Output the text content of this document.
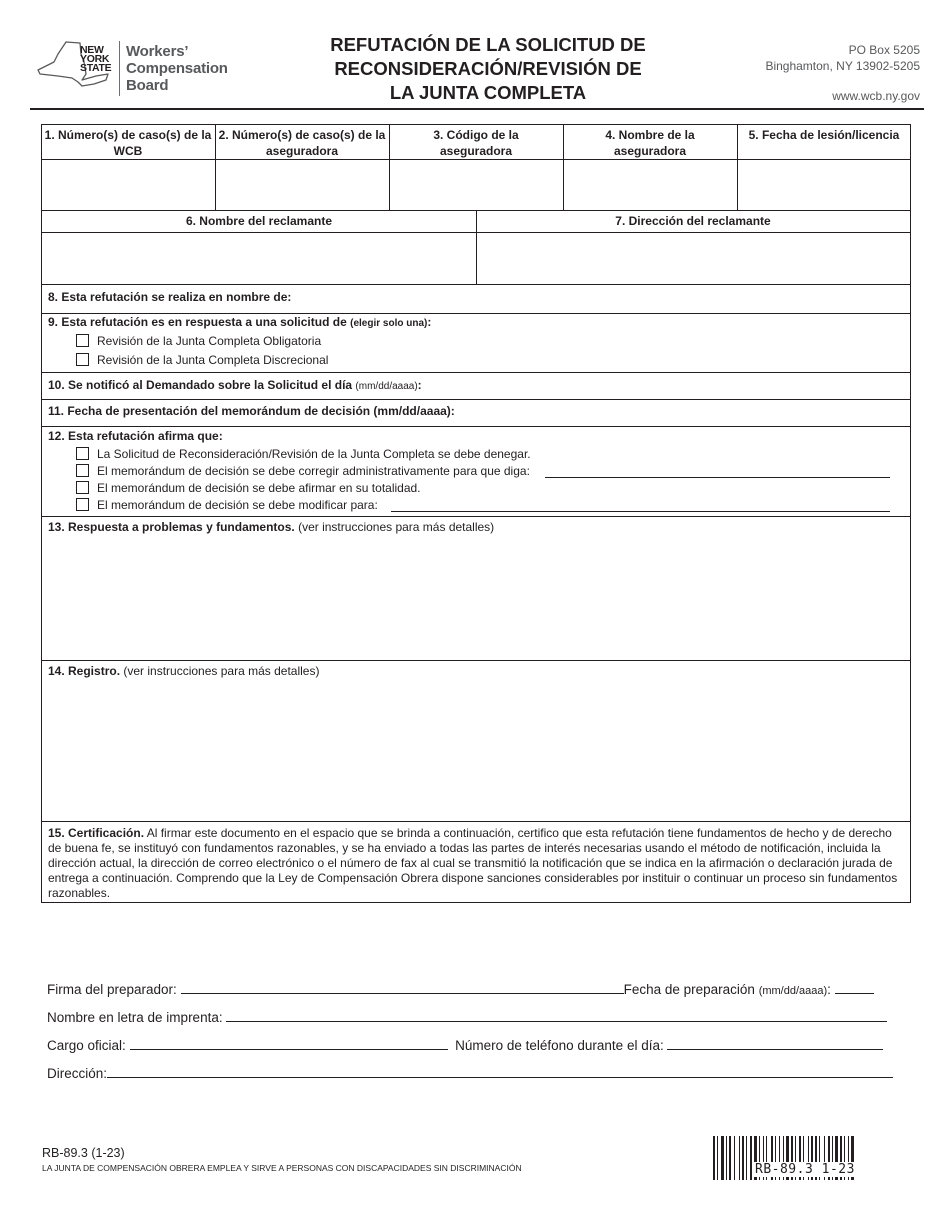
NEW
YORK
STATE
Workers’
Compensation
Board
REFUTACIÓN DE LA SOLICITUD DE
RECONSIDERACIÓN/REVISIÓN DE
LA JUNTA COMPLETA
PO Box 5205
Binghamton, NY 13902-5205
www.wcb.ny.gov
1. Número(s) de caso(s) de la WCB
2. Número(s) de caso(s) de la aseguradora
3. Código de la aseguradora
4. Nombre de la aseguradora
5. Fecha de lesión/licencia
6. Nombre del reclamante	7. Dirección del reclamante
8. Esta refutación se realiza en nombre de:
9. Esta refutación es en respuesta a una solicitud de (elegir solo una):
Revisión de la Junta Completa Obligatoria
Revisión de la Junta Completa Discrecional
10. Se notificó al Demandado sobre la Solicitud el día (mm/dd/aaaa):
11. Fecha de presentación del memorándum de decisión (mm/dd/aaaa):
12. Esta refutación afirma que:
La Solicitud de Reconsideración/Revisión de la Junta Completa se debe denegar.
El memorándum de decisión se debe corregir administrativamente para que diga:
El memorándum de decisión se debe afirmar en su totalidad.
El memorándum de decisión se debe modificar para:
13. Respuesta a problemas y fundamentos. (ver instrucciones para más detalles)
14. Registro. (ver instrucciones para más detalles)
15. Certificación. Al firmar este documento en el espacio que se brinda a continuación, certifico que esta refutación tiene fundamentos de hecho y de derecho de buena fe, se instituyó con fundamentos razonables, y se ha enviado a todas las partes de interés necesarias usando el método de notificación, incluida la dirección actual, la dirección de correo electrónico o el número de fax al cual se transmitió la notificación que se indica en la afirmación o declaración jurada de entrega a continuación. Comprendo que la Ley de Compensación Obrera dispone sanciones considerables por instituir o continuar un proceso sin fundamentos razonables.
Firma del preparador:	Fecha de preparación (mm/dd/aaaa):
Nombre en letra de imprenta:
Cargo oficial:	Número de teléfono durante el día:
Dirección:
RB-89.3 (1-23)
LA JUNTA DE COMPENSACIÓN OBRERA EMPLEA Y SIRVE A PERSONAS CON DISCAPACIDADES SIN DISCRIMINACIÓN	RB-89.3 1-23
